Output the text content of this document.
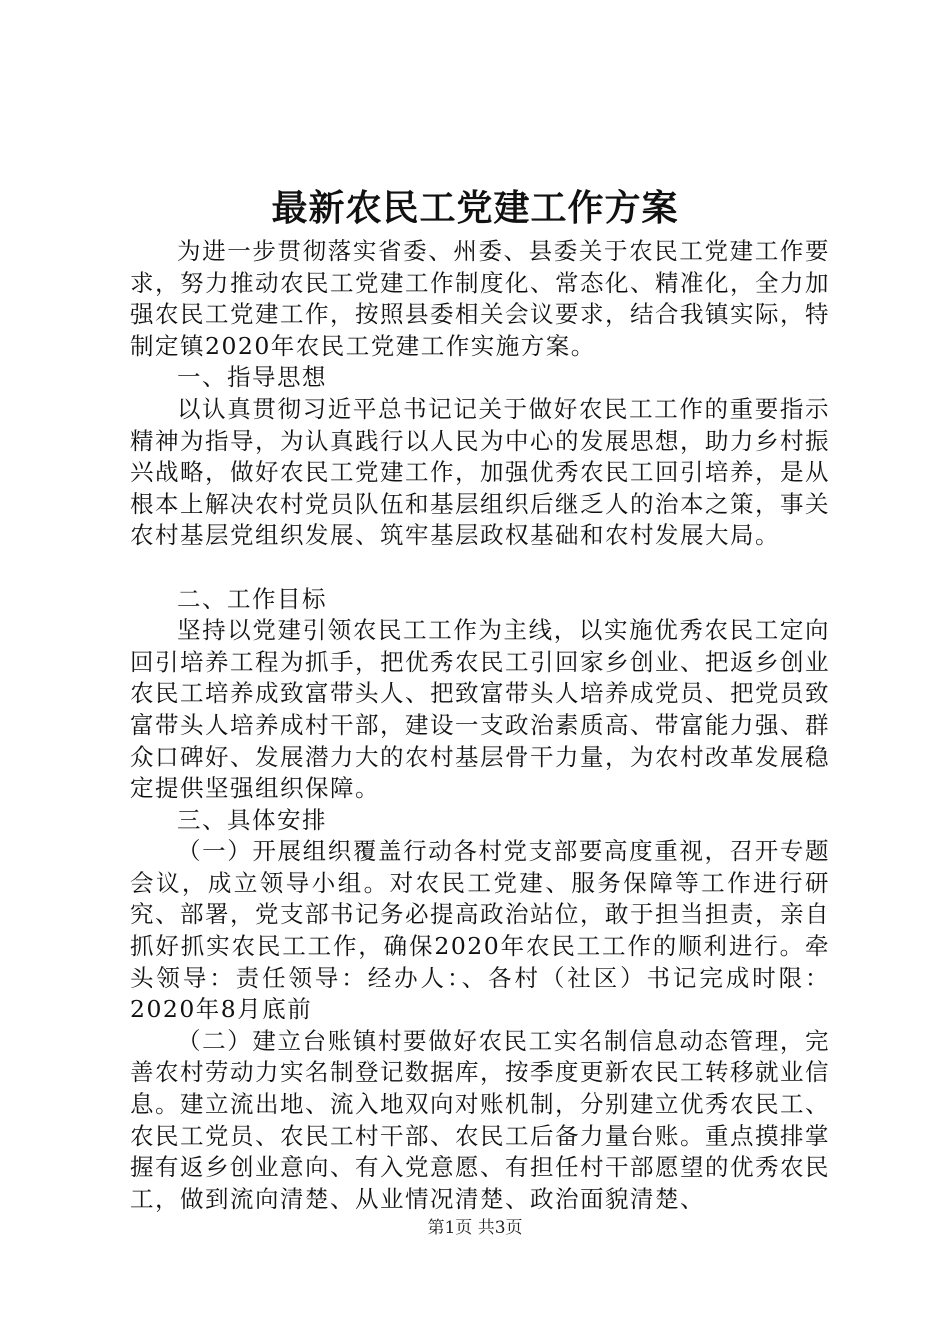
最新农民工党建工作方案

为进一步贯彻落实省委、州委、县委关于农民工党建工作要求，努力推动农民工党建工作制度化、常态化、精准化，全力加强农民工党建工作，按照县委相关会议要求，结合我镇实际，特制定镇2020年农民工党建工作实施方案。

一、指导思想

以认真贯彻习近平总书记记关于做好农民工工作的重要指示精神为指导，为认真践行以人民为中心的发展思想，助力乡村振兴战略，做好农民工党建工作，加强优秀农民工回引培养，是从根本上解决农村党员队伍和基层组织后继乏人的治本之策，事关农村基层党组织发展、筑牢基层政权基础和农村发展大局。

二、工作目标

坚持以党建引领农民工工作为主线，以实施优秀农民工定向回引培养工程为抓手，把优秀农民工引回家乡创业、把返乡创业农民工培养成致富带头人、把致富带头人培养成党员、把党员致富带头人培养成村干部，建设一支政治素质高、带富能力强、群众口碑好、发展潜力大的农村基层骨干力量，为农村改革发展稳定提供坚强组织保障。

三、具体安排

（一）开展组织覆盖行动各村党支部要高度重视，召开专题会议，成立领导小组。对农民工党建、服务保障等工作进行研究、部署，党支部书记务必提高政治站位，敢于担当担责，亲自抓好抓实农民工工作，确保2020年农民工工作的顺利进行。牵头领导：责任领导：经办人：、各村（社区）书记完成时限：2020年8月底前

（二）建立台账镇村要做好农民工实名制信息动态管理，完善农村劳动力实名制登记数据库，按季度更新农民工转移就业信息。建立流出地、流入地双向对账机制，分别建立优秀农民工、农民工党员、农民工村干部、农民工后备力量台账。重点摸排掌握有返乡创业意向、有入党意愿、有担任村干部愿望的优秀农民工，做到流向清楚、从业情况清楚、政治面貌清楚、

第1页 共3页
